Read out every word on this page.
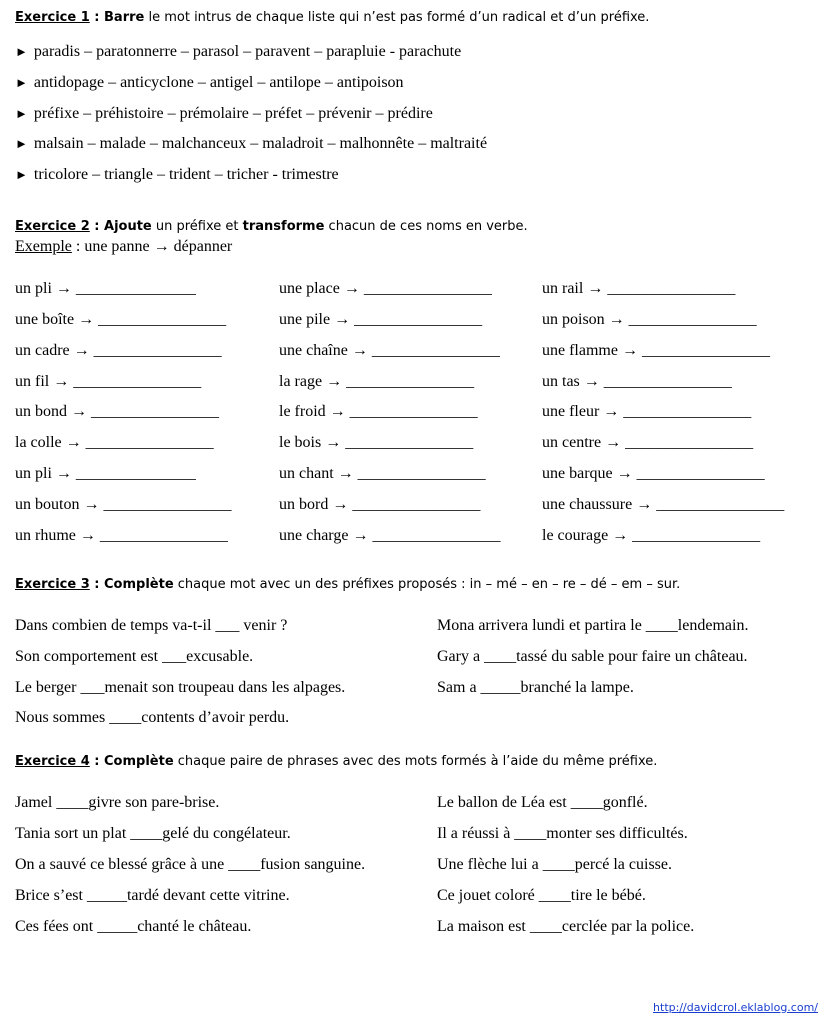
Exercice 1 : Barre le mot intrus de chaque liste qui n’est pas formé d’un radical et d’un préfixe.
► paradis – paratonnerre – parasol – paravent – parapluie - parachute
► antidopage – anticyclone – antigel – antilope – antipoison
► préfixe – préhistoire – prémolaire – préfet – prévenir – prédire
► malsain – malade – malchanceux – maladroit – malhonnête – maltraité
► tricolore – triangle – trident – tricher - trimestre
Exercice 2 : Ajoute un préfixe et transforme chacun de ces noms en verbe.
Exemple : une panne → dépanner
un pli → _______________	une place → ________________	un rail → ________________
une boîte → ________________	une pile → ________________	un poison → ________________
un cadre → ________________	une chaîne → ________________	une flamme → ________________
un fil → ________________	la rage → ________________	un tas → ________________
un bond → ________________	le froid → ________________	une fleur → ________________
la colle → ________________	le bois → ________________	un centre → ________________
un pli → _______________	un chant → ________________	une barque → ________________
un bouton → ________________	un bord → ________________	une chaussure → ________________
un rhume → ________________	une charge → ________________	le courage → ________________
Exercice 3 : Complète chaque mot avec un des préfixes proposés : in – mé – en – re – dé – em – sur.
Dans combien de temps va-t-il ___ venir ?
Son comportement est ___excusable.
Le berger ___menait son troupeau dans les alpages.
Nous sommes ____contents d’avoir perdu.
Mona arrivera lundi et partira le ____lendemain.
Gary a ____tassé du sable pour faire un château.
Sam a _____branché la lampe.
Exercice 4 : Complète chaque paire de phrases avec des mots formés à l’aide du même préfixe.
Jamel ____givre son pare-brise.
Tania sort un plat ____gelé du congélateur.
On a sauvé ce blessé grâce à une ____fusion sanguine.
Brice s’est _____tardé devant cette vitrine.
Ces fées ont _____chanté le château.
Le ballon de Léa est ____gonflé.
Il a réussi à ____monter ses difficultés.
Une flèche lui a ____percé la cuisse.
Ce jouet coloré ____tire le bébé.
La maison est ____cerclée par la police.
http://davidcrol.eklablog.com/
